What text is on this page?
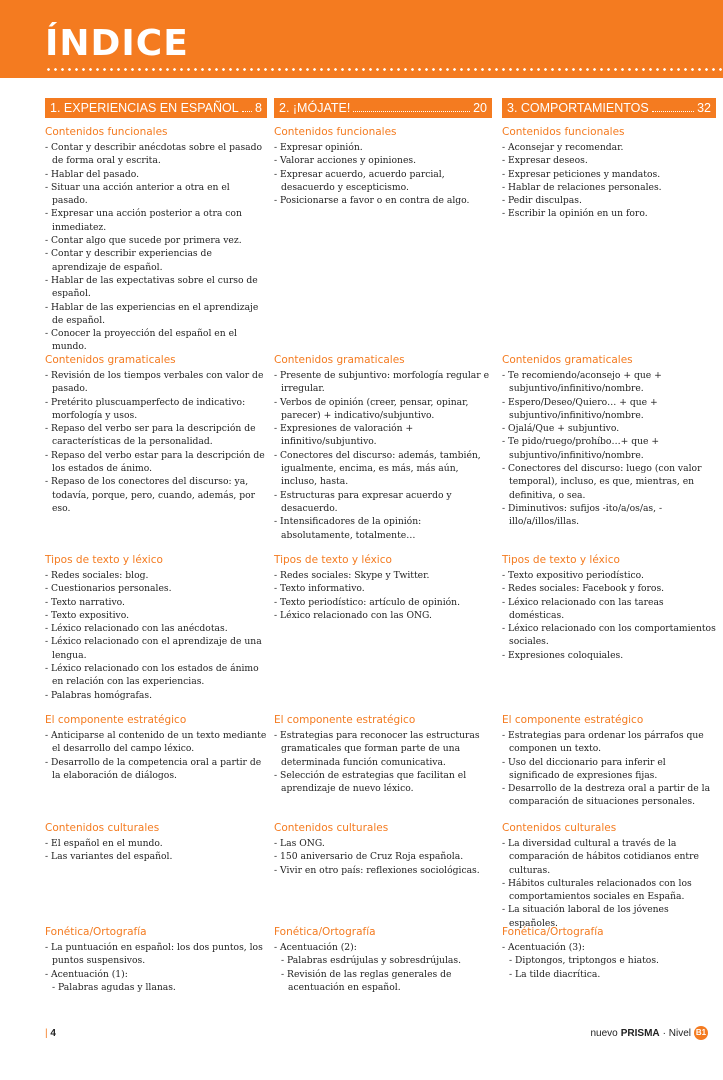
ÍNDICE
1. EXPERIENCIAS EN ESPAÑOL 8
Contenidos funcionales
- Contar y describir anécdotas sobre el pasado de forma oral y escrita.
- Hablar del pasado.
- Situar una acción anterior a otra en el pasado.
- Expresar una acción posterior a otra con inmediatez.
- Contar algo que sucede por primera vez.
- Contar y describir experiencias de aprendizaje de español.
- Hablar de las expectativas sobre el curso de español.
- Hablar de las experiencias en el aprendizaje de español.
- Conocer la proyección del español en el mundo.
Contenidos gramaticales
- Revisión de los tiempos verbales con valor de pasado.
- Pretérito pluscuamperfecto de indicativo: morfología y usos.
- Repaso del verbo ser para la descripción de características de la personalidad.
- Repaso del verbo estar para la descripción de los estados de ánimo.
- Repaso de los conectores del discurso: ya, todavía, porque, pero, cuando, además, por eso.
Tipos de texto y léxico
- Redes sociales: blog.
- Cuestionarios personales.
- Texto narrativo.
- Texto expositivo.
- Léxico relacionado con las anécdotas.
- Léxico relacionado con el aprendizaje de una lengua.
- Léxico relacionado con los estados de ánimo en relación con las experiencias.
- Palabras homógrafas.
El componente estratégico
- Anticiparse al contenido de un texto mediante el desarrollo del campo léxico.
- Desarrollo de la competencia oral a partir de la elaboración de diálogos.
Contenidos culturales
- El español en el mundo.
- Las variantes del español.
Fonética/Ortografía
- La puntuación en español: los dos puntos, los puntos suspensivos.
- Acentuación (1):
- Palabras agudas y llanas.
2. ¡MÓJATE!	20
Contenidos funcionales
- Expresar opinión.
- Valorar acciones y opiniones.
- Expresar acuerdo, acuerdo parcial, desacuerdo y escepticismo.
- Posicionarse a favor o en contra de algo.
Contenidos gramaticales
- Presente de subjuntivo: morfología regular e irregular.
- Verbos de opinión (creer, pensar, opinar, parecer) + indicativo/subjuntivo.
- Expresiones de valoración + infinitivo/subjuntivo.
- Conectores del discurso: además, también, igualmente, encima, es más, más aún, incluso, hasta.
- Estructuras para expresar acuerdo y desacuerdo.
- Intensificadores de la opinión: absolutamente, totalmente…
Tipos de texto y léxico
- Redes sociales: Skype y Twitter.
- Texto informativo.
- Texto periodístico: artículo de opinión.
- Léxico relacionado con las ONG.
El componente estratégico
- Estrategias para reconocer las estructuras gramaticales que forman parte de una determinada función comunicativa.
- Selección de estrategias que facilitan el aprendizaje de nuevo léxico.
Contenidos culturales
- Las ONG.
- 150 aniversario de Cruz Roja española.
- Vivir en otro país: reflexiones sociológicas.
Fonética/Ortografía
- Acentuación (2):
- Palabras esdrújulas y sobresdrújulas.
- Revisión de las reglas generales de acentuación en español.
3. COMPORTAMIENTOS	32
Contenidos funcionales
- Aconsejar y recomendar.
- Expresar deseos.
- Expresar peticiones y mandatos.
- Hablar de relaciones personales.
- Pedir disculpas.
- Escribir la opinión en un foro.
Contenidos gramaticales
- Te recomiendo/aconsejo + que + subjuntivo/infinitivo/nombre.
- Espero/Deseo/Quiero… + que + subjuntivo/infinitivo/nombre.
- Ojalá/Que + subjuntivo.
- Te pido/ruego/prohíbo…+ que + subjuntivo/infinitivo/nombre.
- Conectores del discurso: luego (con valor temporal), incluso, es que, mientras, en definitiva, o sea.
- Diminutivos: sufijos -ito/a/os/as, -illo/a/illos/illas.
Tipos de texto y léxico
- Texto expositivo periodístico.
- Redes sociales: Facebook y foros.
- Léxico relacionado con las tareas domésticas.
- Léxico relacionado con los comportamientos sociales.
- Expresiones coloquiales.
El componente estratégico
- Estrategias para ordenar los párrafos que componen un texto.
- Uso del diccionario para inferir el significado de expresiones fijas.
- Desarrollo de la destreza oral a partir de la comparación de situaciones personales.
Contenidos culturales
- La diversidad cultural a través de la comparación de hábitos cotidianos entre culturas.
- Hábitos culturales relacionados con los comportamientos sociales en España.
- La situación laboral de los jóvenes españoles.
Fonética/Ortografía
- Acentuación (3):
- Diptongos, triptongos e hiatos.
- La tilde diacrítica.
| 4	nuevo PRISMA · Nivel B1
